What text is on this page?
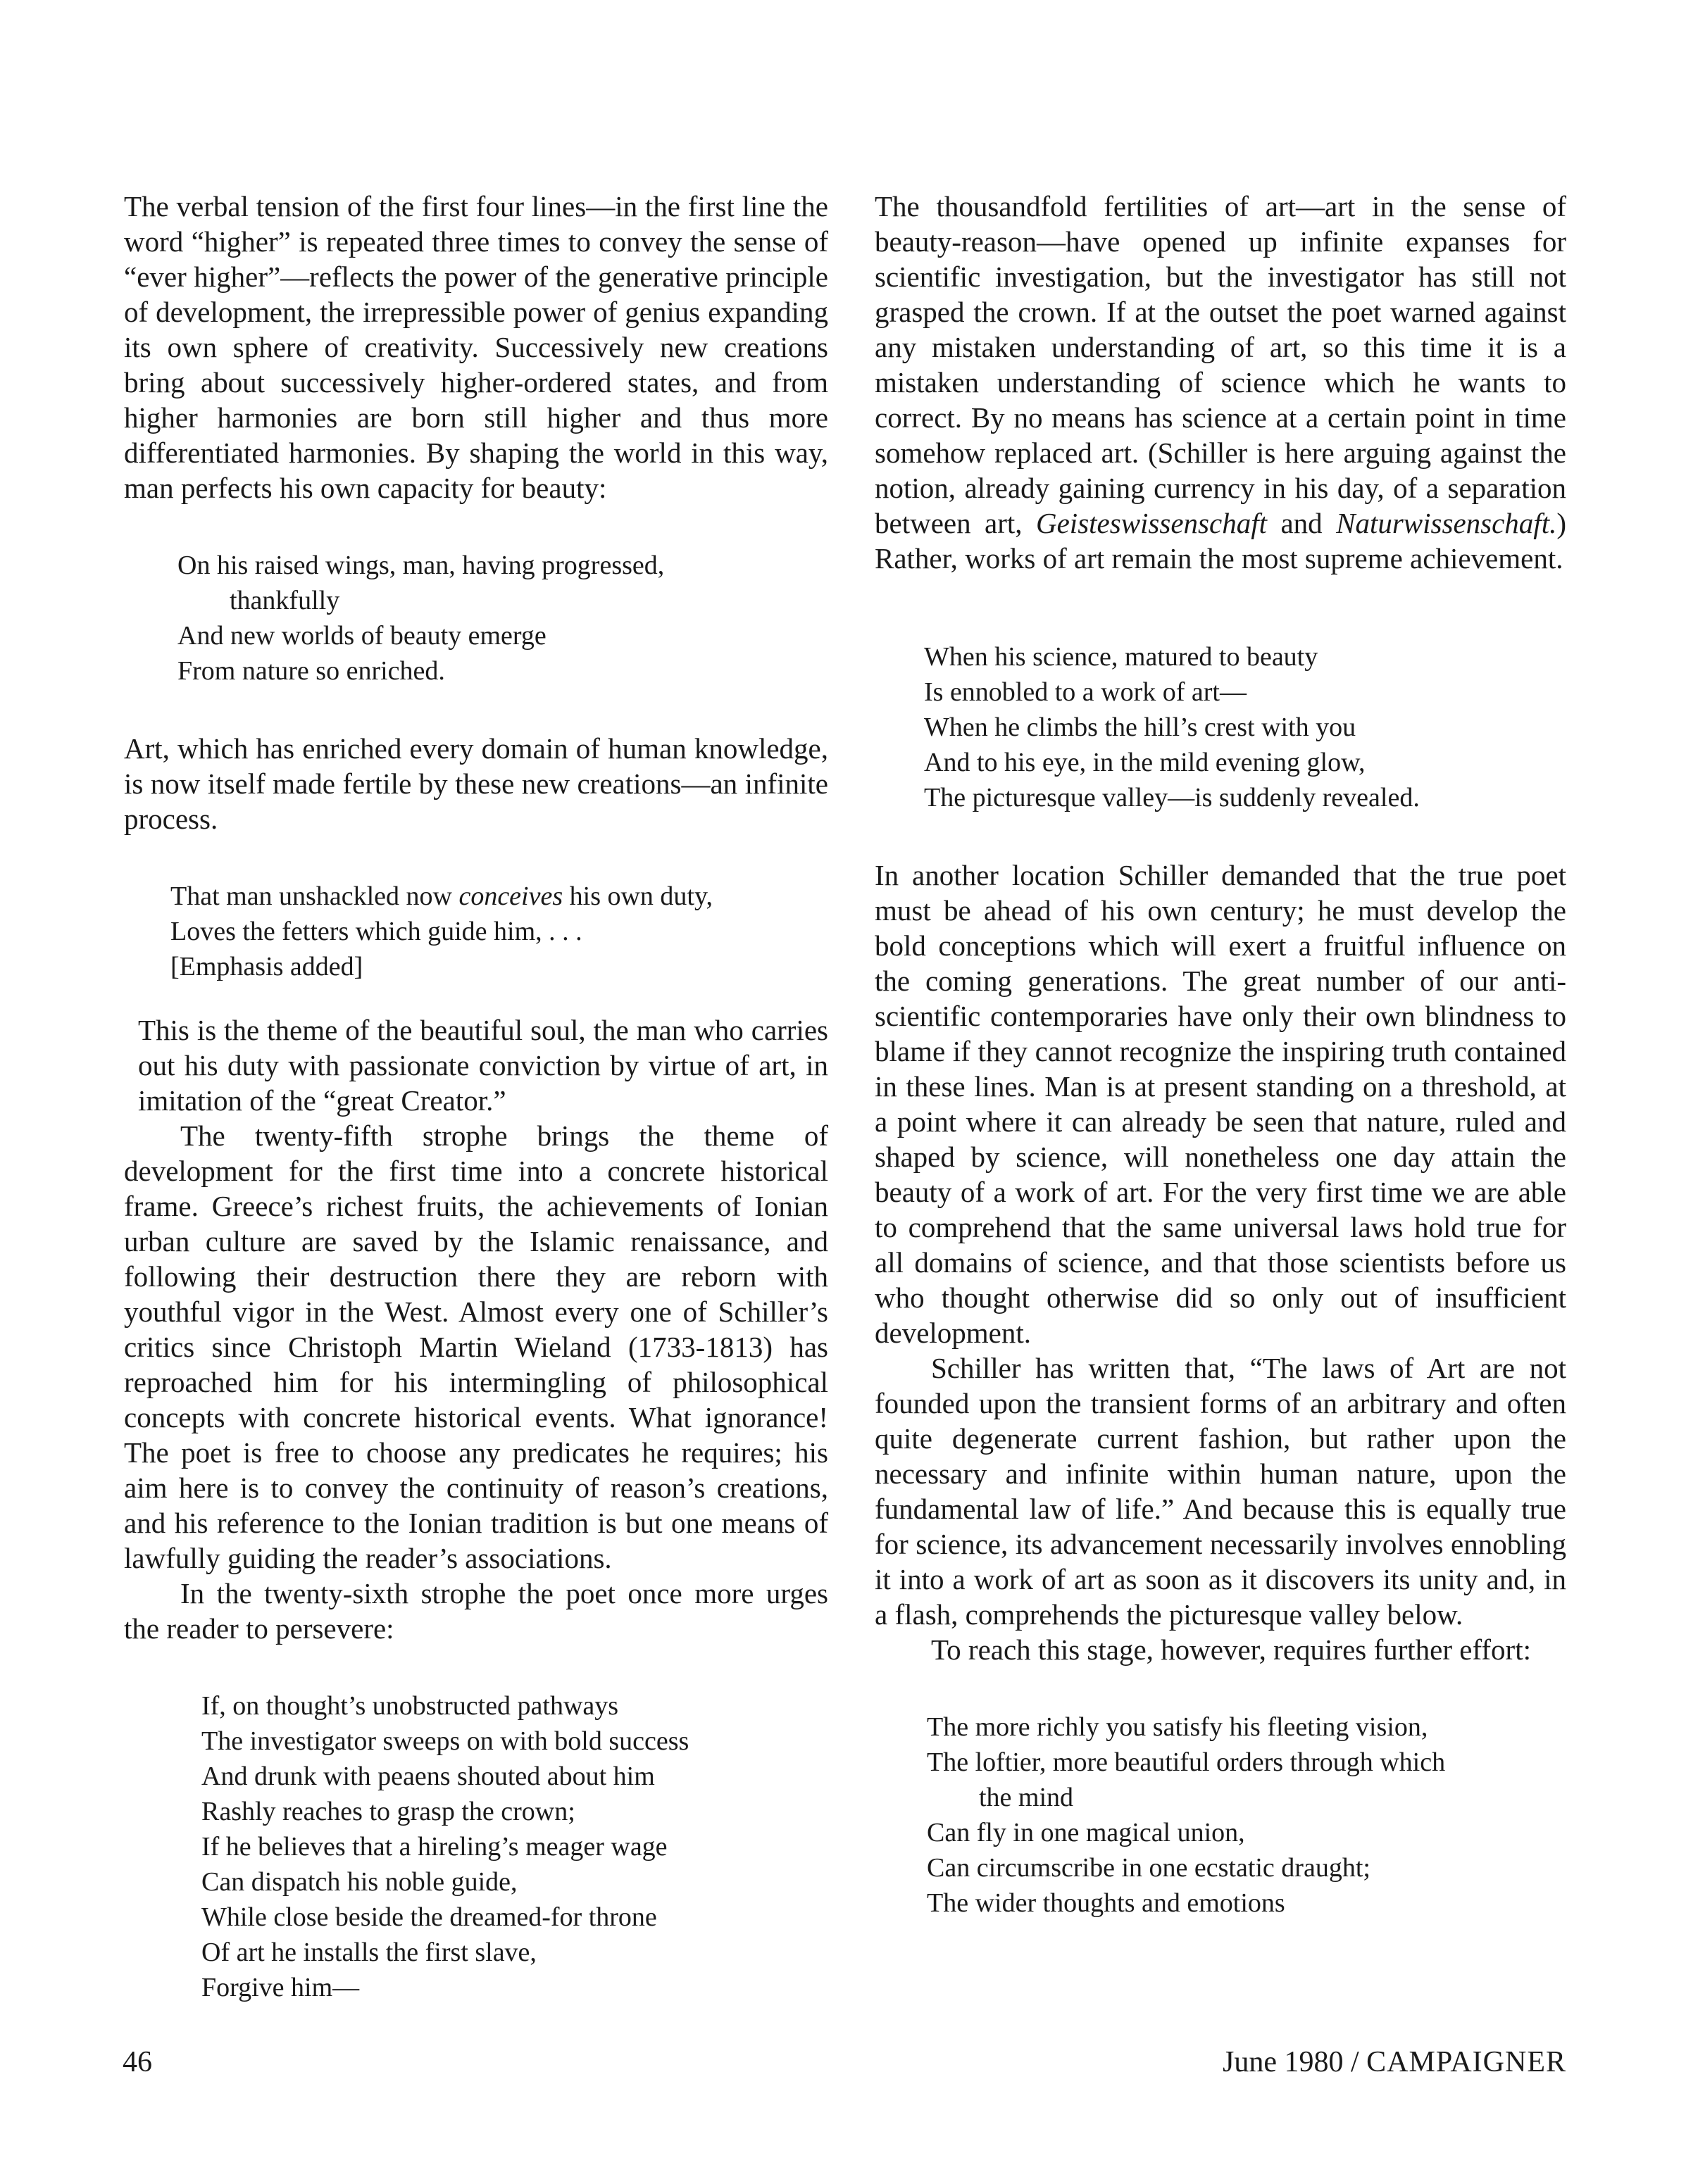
The verbal tension of the first four lines—in the first line the word “higher” is repeated three times to convey the sense of “ever higher”—reflects the power of the generative principle of development, the irrepressible power of genius expanding its own sphere of creativity. Successively new creations bring about successively higher-ordered states, and from higher harmonies are born still higher and thus more differentiated harmonies. By shaping the world in this way, man perfects his own capacity for beauty:

On his raised wings, man, having progressed,
thankfully
And new worlds of beauty emerge
From nature so enriched.

Art, which has enriched every domain of human knowledge, is now itself made fertile by these new creations—an infinite process.

That man unshackled now conceives his own duty,
Loves the fetters which guide him, . . .
[Emphasis added]

This is the theme of the beautiful soul, the man who carries out his duty with passionate conviction by virtue of art, in imitation of the “great Creator.”

The twenty-fifth strophe brings the theme of development for the first time into a concrete historical frame. Greece’s richest fruits, the achievements of Ionian urban culture are saved by the Islamic renaissance, and following their destruction there they are reborn with youthful vigor in the West. Almost every one of Schiller’s critics since Christoph Martin Wieland (1733-1813) has reproached him for his intermingling of philosophical concepts with concrete historical events. What ignorance! The poet is free to choose any predicates he requires; his aim here is to convey the continuity of reason’s creations, and his reference to the Ionian tradition is but one means of lawfully guiding the reader’s associations.

In the twenty-sixth strophe the poet once more urges the reader to persevere:

If, on thought’s unobstructed pathways
The investigator sweeps on with bold success
And drunk with peaens shouted about him
Rashly reaches to grasp the crown;
If he believes that a hireling’s meager wage
Can dispatch his noble guide,
While close beside the dreamed-for throne
Of art he installs the first slave,
Forgive him—

The thousandfold fertilities of art—art in the sense of beauty-reason—have opened up infinite expanses for scientific investigation, but the investigator has still not grasped the crown. If at the outset the poet warned against any mistaken understanding of art, so this time it is a mistaken understanding of science which he wants to correct. By no means has science at a certain point in time somehow replaced art. (Schiller is here arguing against the notion, already gaining currency in his day, of a separation between art, Geisteswissenschaft and Naturwissenschaft.) Rather, works of art remain the most supreme achievement.

When his science, matured to beauty
Is ennobled to a work of art—
When he climbs the hill’s crest with you
And to his eye, in the mild evening glow,
The picturesque valley—is suddenly revealed.

In another location Schiller demanded that the true poet must be ahead of his own century; he must develop the bold conceptions which will exert a fruitful influence on the coming generations. The great number of our anti-scientific contemporaries have only their own blindness to blame if they cannot recognize the inspiring truth contained in these lines. Man is at present standing on a threshold, at a point where it can already be seen that nature, ruled and shaped by science, will nonetheless one day attain the beauty of a work of art. For the very first time we are able to comprehend that the same universal laws hold true for all domains of science, and that those scientists before us who thought otherwise did so only out of insufficient development.

Schiller has written that, “The laws of Art are not founded upon the transient forms of an arbitrary and often quite degenerate current fashion, but rather upon the necessary and infinite within human nature, upon the fundamental law of life.” And because this is equally true for science, its advancement necessarily involves ennobling it into a work of art as soon as it discovers its unity and, in a flash, comprehends the picturesque valley below.

To reach this stage, however, requires further effort:

The more richly you satisfy his fleeting vision,
The loftier, more beautiful orders through which
the mind
Can fly in one magical union,
Can circumscribe in one ecstatic draught;
The wider thoughts and emotions
46	June 1980 / CAMPAIGNER
